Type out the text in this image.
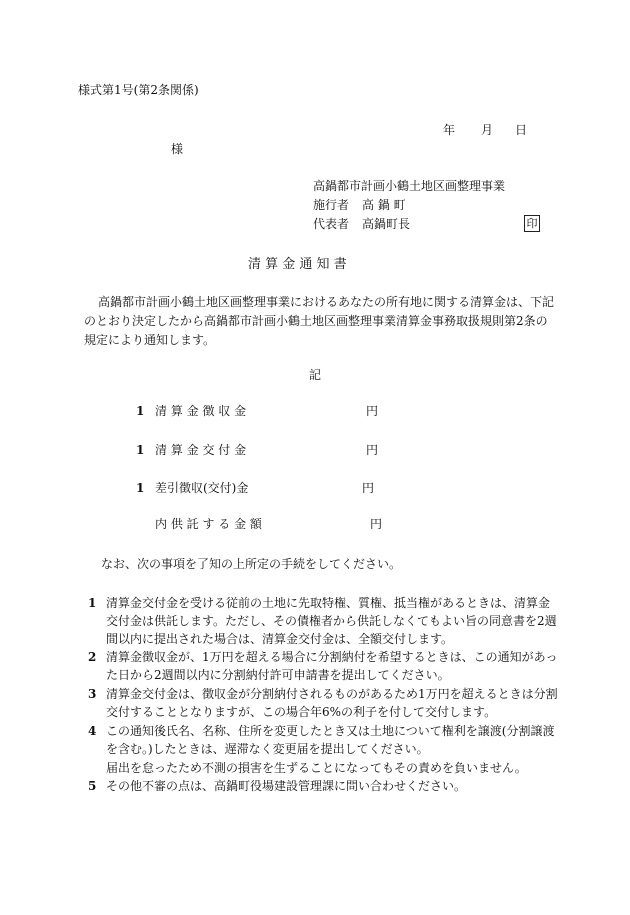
様式第1号(第2条関係)
年 月 日
様
高鍋都市計画小鶴土地区画整理事業
施行者 高 鍋 町
代表者 高鍋町長	印
清 算 金 通 知 書
高鍋都市計画小鶴土地区画整理事業におけるあなたの所有地に関する清算金は、下記
のとおり決定したから高鍋都市計画小鶴土地区画整理事業清算金事務取扱規則第2条の
規定により通知します。
記
1 清 算 金 徴 収 金	円
1 清 算 金 交 付 金	円
1 差引徴収(交付)金	円
内 供 託 す る 金 額	円
なお、次の事項を了知の上所定の手続をしてください。
1 清算金交付金を受ける従前の土地に先取特権、質権、抵当権があるときは、清算金
交付金は供託します。ただし、その債権者から供託しなくてもよい旨の同意書を2週
間以内に提出された場合は、清算金交付金は、全額交付します。
2 清算金徴収金が、1万円を超える場合に分割納付を希望するときは、この通知があっ
た日から2週間以内に分割納付許可申請書を提出してください。
3 清算金交付金は、徴収金が分割納付されるものがあるため1万円を超えるときは分割
交付することとなりますが、この場合年6%の利子を付して交付します。
4 この通知後氏名、名称、住所を変更したとき又は土地について権利を譲渡(分割譲渡
を含む。)したときは、遅滞なく変更届を提出してください。
届出を怠ったため不測の損害を生ずることになってもその責めを負いません。
5 その他不審の点は、高鍋町役場建設管理課に問い合わせください。
